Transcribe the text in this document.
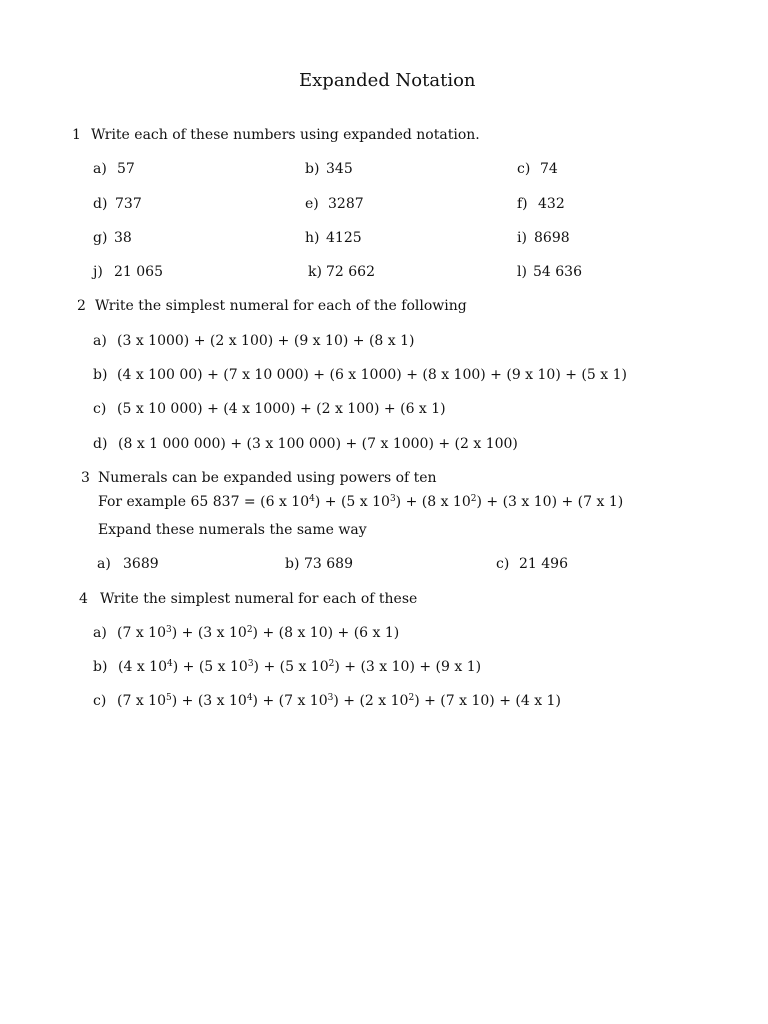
Expanded Notation
1 Write each of these numbers using expanded notation.
a) 57	b) 345	c) 74
d) 737	e) 3287	f) 432
g) 38	h) 4125	i) 8698
j) 21 065	k) 72 662	l) 54 636
2 Write the simplest numeral for each of the following
a) (3 x 1000) + (2 x 100) + (9 x 10) + (8 x 1)
b) (4 x 100 00) + (7 x 10 000) + (6 x 1000) + (8 x 100) + (9 x 10) + (5 x 1)
c) (5 x 10 000) + (4 x 1000) + (2 x 100) + (6 x 1)
d) (8 x 1 000 000) + (3 x 100 000) + (7 x 1000) + (2 x 100)
3 Numerals can be expanded using powers of ten
For example 65 837 = (6 x $10^4) + (5$ x $10^3) + (8$ x $10^2) + (3$ x 10) + (7 x 1)
Expand these numerals the same way
a) 3689	b) 73 689	c) 21 496
4 Write the simplest numeral for each of these
a) (7 x $10^3) + (3$ x $10^2) + (8$ x 10) + (6 x 1)
b) (4 x $10^4) + (5$ x $10^3) + (5$ x $10^2) + (3$ x 10) + (9 x 1)
c) (7 x $10^5) + (3$ x $10^4) + (7$ x $10^3) + (2$ x $10^2) + (7$ x 10) + (4 x 1)
